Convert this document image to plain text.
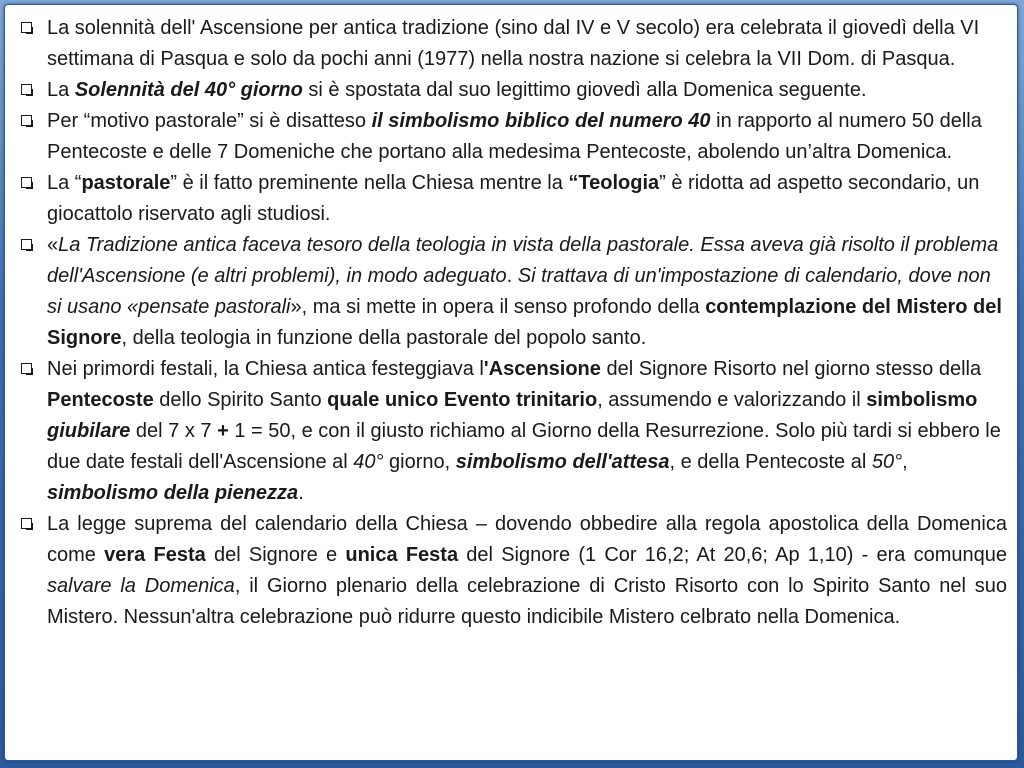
La solennità dell' Ascensione per antica tradizione (sino dal IV e V secolo) era celebrata il giovedì della VI settimana di Pasqua e solo da pochi anni (1977) nella nostra nazione si celebra la VII Dom. di Pasqua.
La Solennità del 40° giorno si è spostata dal suo legittimo giovedì alla Domenica seguente.
Per “motivo pastorale” si è disatteso il simbolismo biblico del numero 40 in rapporto al numero 50 della Pentecoste e delle 7 Domeniche che portano alla medesima Pentecoste, abolendo un’altra Domenica.
La “pastorale” è il fatto preminente nella Chiesa mentre la “Teologia” è ridotta ad aspetto secondario, un giocattolo riservato agli studiosi.
«La Tradizione antica faceva tesoro della teologia in vista della pastorale. Essa aveva già risolto il problema dell'Ascensione (e altri problemi), in modo adeguato. Si trattava di un'impostazione di calendario, dove non si usano «pensate pastorali», ma si mette in opera il senso profondo della contemplazione del Mistero del Signore, della teologia in funzione della pastorale del popolo santo.
Nei primordi festali, la Chiesa antica festeggiava l'Ascensione del Signore Risorto nel giorno stesso della Pentecoste dello Spirito Santo quale unico Evento trinitario, assumendo e valorizzando il simbolismo giubilare del 7 x 7 + 1 = 50, e con il giusto richiamo al Giorno della Resurrezione. Solo più tardi si ebbero le due date festali dell'Ascensione al 40° giorno, simbolismo dell'attesa, e della Pentecoste al 50°, simbolismo della pienezza.
La legge suprema del calendario della Chiesa – dovendo obbedire alla regola apostolica della Domenica come vera Festa del Signore e unica Festa del Signore (1 Cor 16,2; At 20,6; Ap 1,10) - era comunque salvare la Domenica, il Giorno plenario della celebrazione di Cristo Risorto con lo Spirito Santo nel suo Mistero. Nessun'altra celebrazione può ridurre questo indicibile Mistero celbrato nella Domenica.
